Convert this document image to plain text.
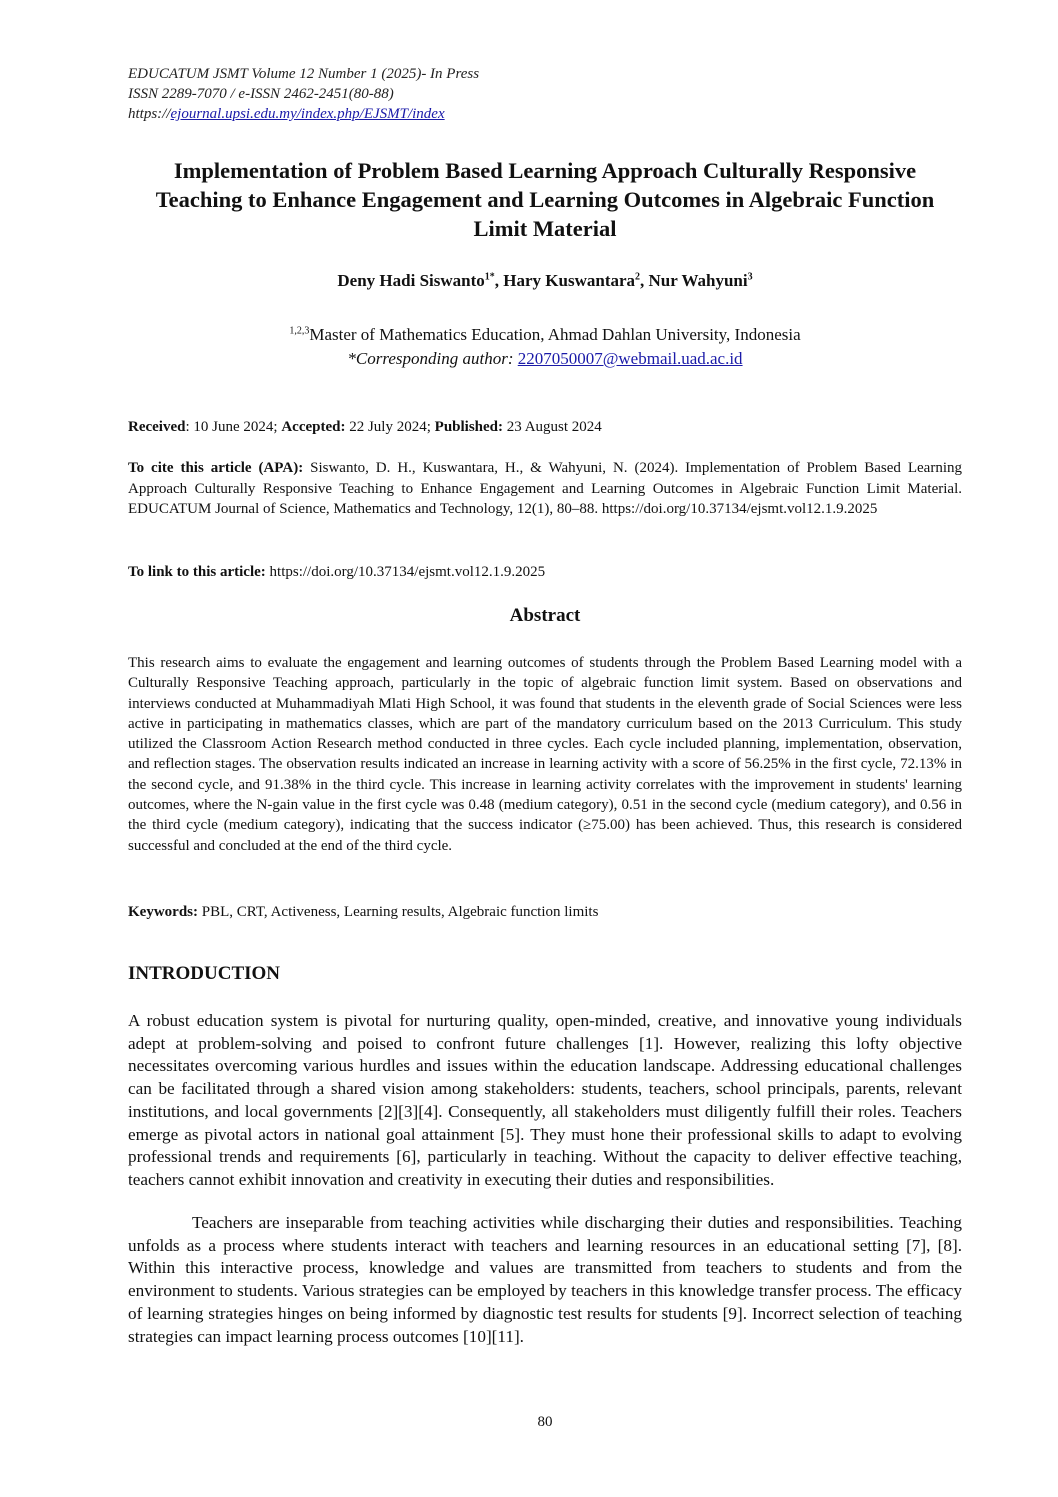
EDUCATUM JSMT Volume 12 Number 1 (2025)- In Press
ISSN 2289-7070 / e-ISSN 2462-2451(80-88)
https://ejournal.upsi.edu.my/index.php/EJSMT/index
Implementation of Problem Based Learning Approach Culturally Responsive Teaching to Enhance Engagement and Learning Outcomes in Algebraic Function Limit Material
Deny Hadi Siswanto$^{1*}$, Hary Kuswantara$^2$, Nur Wahyuni$^3$
$^{1,2,3}$Master of Mathematics Education, Ahmad Dahlan University, Indonesia
*Corresponding author: 2207050007@webmail.uad.ac.id
Received: 10 June 2024; Accepted: 22 July 2024; Published: 23 August 2024
To cite this article (APA): Siswanto, D. H., Kuswantara, H., & Wahyuni, N. (2024). Implementation of Problem Based Learning Approach Culturally Responsive Teaching to Enhance Engagement and Learning Outcomes in Algebraic Function Limit Material. EDUCATUM Journal of Science, Mathematics and Technology, 12(1), 80–88. https://doi.org/10.37134/ejsmt.vol12.1.9.2025
To link to this article: https://doi.org/10.37134/ejsmt.vol12.1.9.2025
Abstract
This research aims to evaluate the engagement and learning outcomes of students through the Problem Based Learning model with a Culturally Responsive Teaching approach, particularly in the topic of algebraic function limit system. Based on observations and interviews conducted at Muhammadiyah Mlati High School, it was found that students in the eleventh grade of Social Sciences were less active in participating in mathematics classes, which are part of the mandatory curriculum based on the 2013 Curriculum. This study utilized the Classroom Action Research method conducted in three cycles. Each cycle included planning, implementation, observation, and reflection stages. The observation results indicated an increase in learning activity with a score of 56.25% in the first cycle, 72.13% in the second cycle, and 91.38% in the third cycle. This increase in learning activity correlates with the improvement in students' learning outcomes, where the N-gain value in the first cycle was 0.48 (medium category), 0.51 in the second cycle (medium category), and 0.56 in the third cycle (medium category), indicating that the success indicator (≥75.00) has been achieved. Thus, this research is considered successful and concluded at the end of the third cycle.
Keywords: PBL, CRT, Activeness, Learning results, Algebraic function limits
INTRODUCTION
A robust education system is pivotal for nurturing quality, open-minded, creative, and innovative young individuals adept at problem-solving and poised to confront future challenges [1]. However, realizing this lofty objective necessitates overcoming various hurdles and issues within the education landscape. Addressing educational challenges can be facilitated through a shared vision among stakeholders: students, teachers, school principals, parents, relevant institutions, and local governments [2][3][4]. Consequently, all stakeholders must diligently fulfill their roles. Teachers emerge as pivotal actors in national goal attainment [5]. They must hone their professional skills to adapt to evolving professional trends and requirements [6], particularly in teaching. Without the capacity to deliver effective teaching, teachers cannot exhibit innovation and creativity in executing their duties and responsibilities.
Teachers are inseparable from teaching activities while discharging their duties and responsibilities. Teaching unfolds as a process where students interact with teachers and learning resources in an educational setting [7], [8]. Within this interactive process, knowledge and values are transmitted from teachers to students and from the environment to students. Various strategies can be employed by teachers in this knowledge transfer process. The efficacy of learning strategies hinges on being informed by diagnostic test results for students [9]. Incorrect selection of teaching strategies can impact learning process outcomes [10][11].
80
